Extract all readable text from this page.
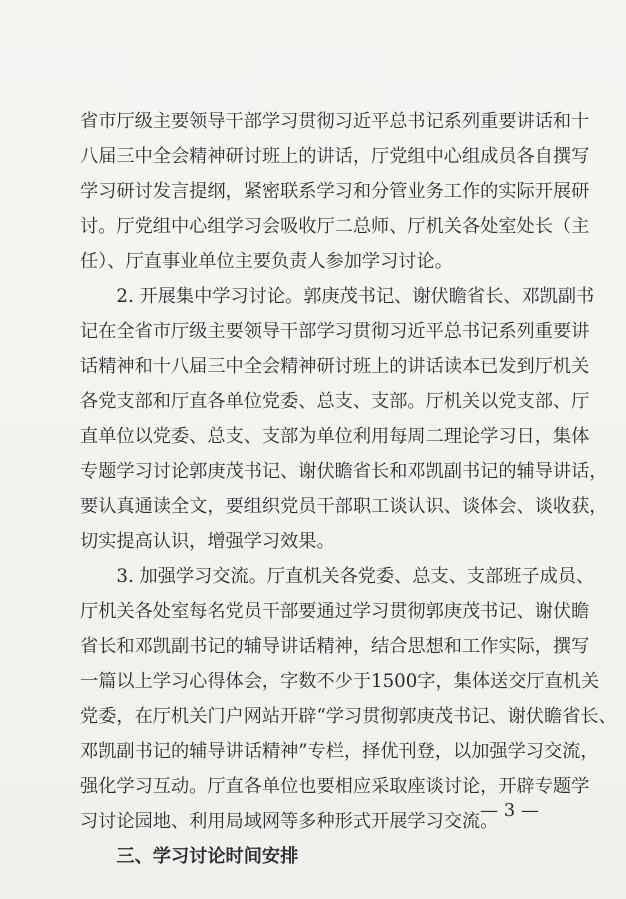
省市厅级主要领导干部学习贯彻习近平总书记系列重要讲话和十
八届三中全会精神研讨班上的讲话，厅党组中心组成员各自撰写
学习研讨发言提纲，紧密联系学习和分管业务工作的实际开展研
讨。厅党组中心组学习会吸收厅二总师、厅机关各处室处长（主
任）、厅直事业单位主要负责人参加学习讨论。
　　2. 开展集中学习讨论。郭庚茂书记、谢伏瞻省长、邓凯副书
记在全省市厅级主要领导干部学习贯彻习近平总书记系列重要讲
话精神和十八届三中全会精神研讨班上的讲话读本已发到厅机关
各党支部和厅直各单位党委、总支、支部。厅机关以党支部、厅
直单位以党委、总支、支部为单位利用每周二理论学习日，集体
专题学习讨论郭庚茂书记、谢伏瞻省长和邓凯副书记的辅导讲话，
要认真通读全文，要组织党员干部职工谈认识、谈体会、谈收获，
切实提高认识，增强学习效果。
　　3. 加强学习交流。厅直机关各党委、总支、支部班子成员、
厅机关各处室每名党员干部要通过学习贯彻郭庚茂书记、谢伏瞻
省长和邓凯副书记的辅导讲话精神，结合思想和工作实际，撰写
一篇以上学习心得体会，字数不少于1500字，集体送交厅直机关
党委，在厅机关门户网站开辟“学习贯彻郭庚茂书记、谢伏瞻省长、
邓凯副书记的辅导讲话精神”专栏，择优刊登，以加强学习交流，
强化学习互动。厅直各单位也要相应采取座谈讨论，开辟专题学
习讨论园地、利用局域网等多种形式开展学习交流。
　　三、学习讨论时间安排
— 3 —
